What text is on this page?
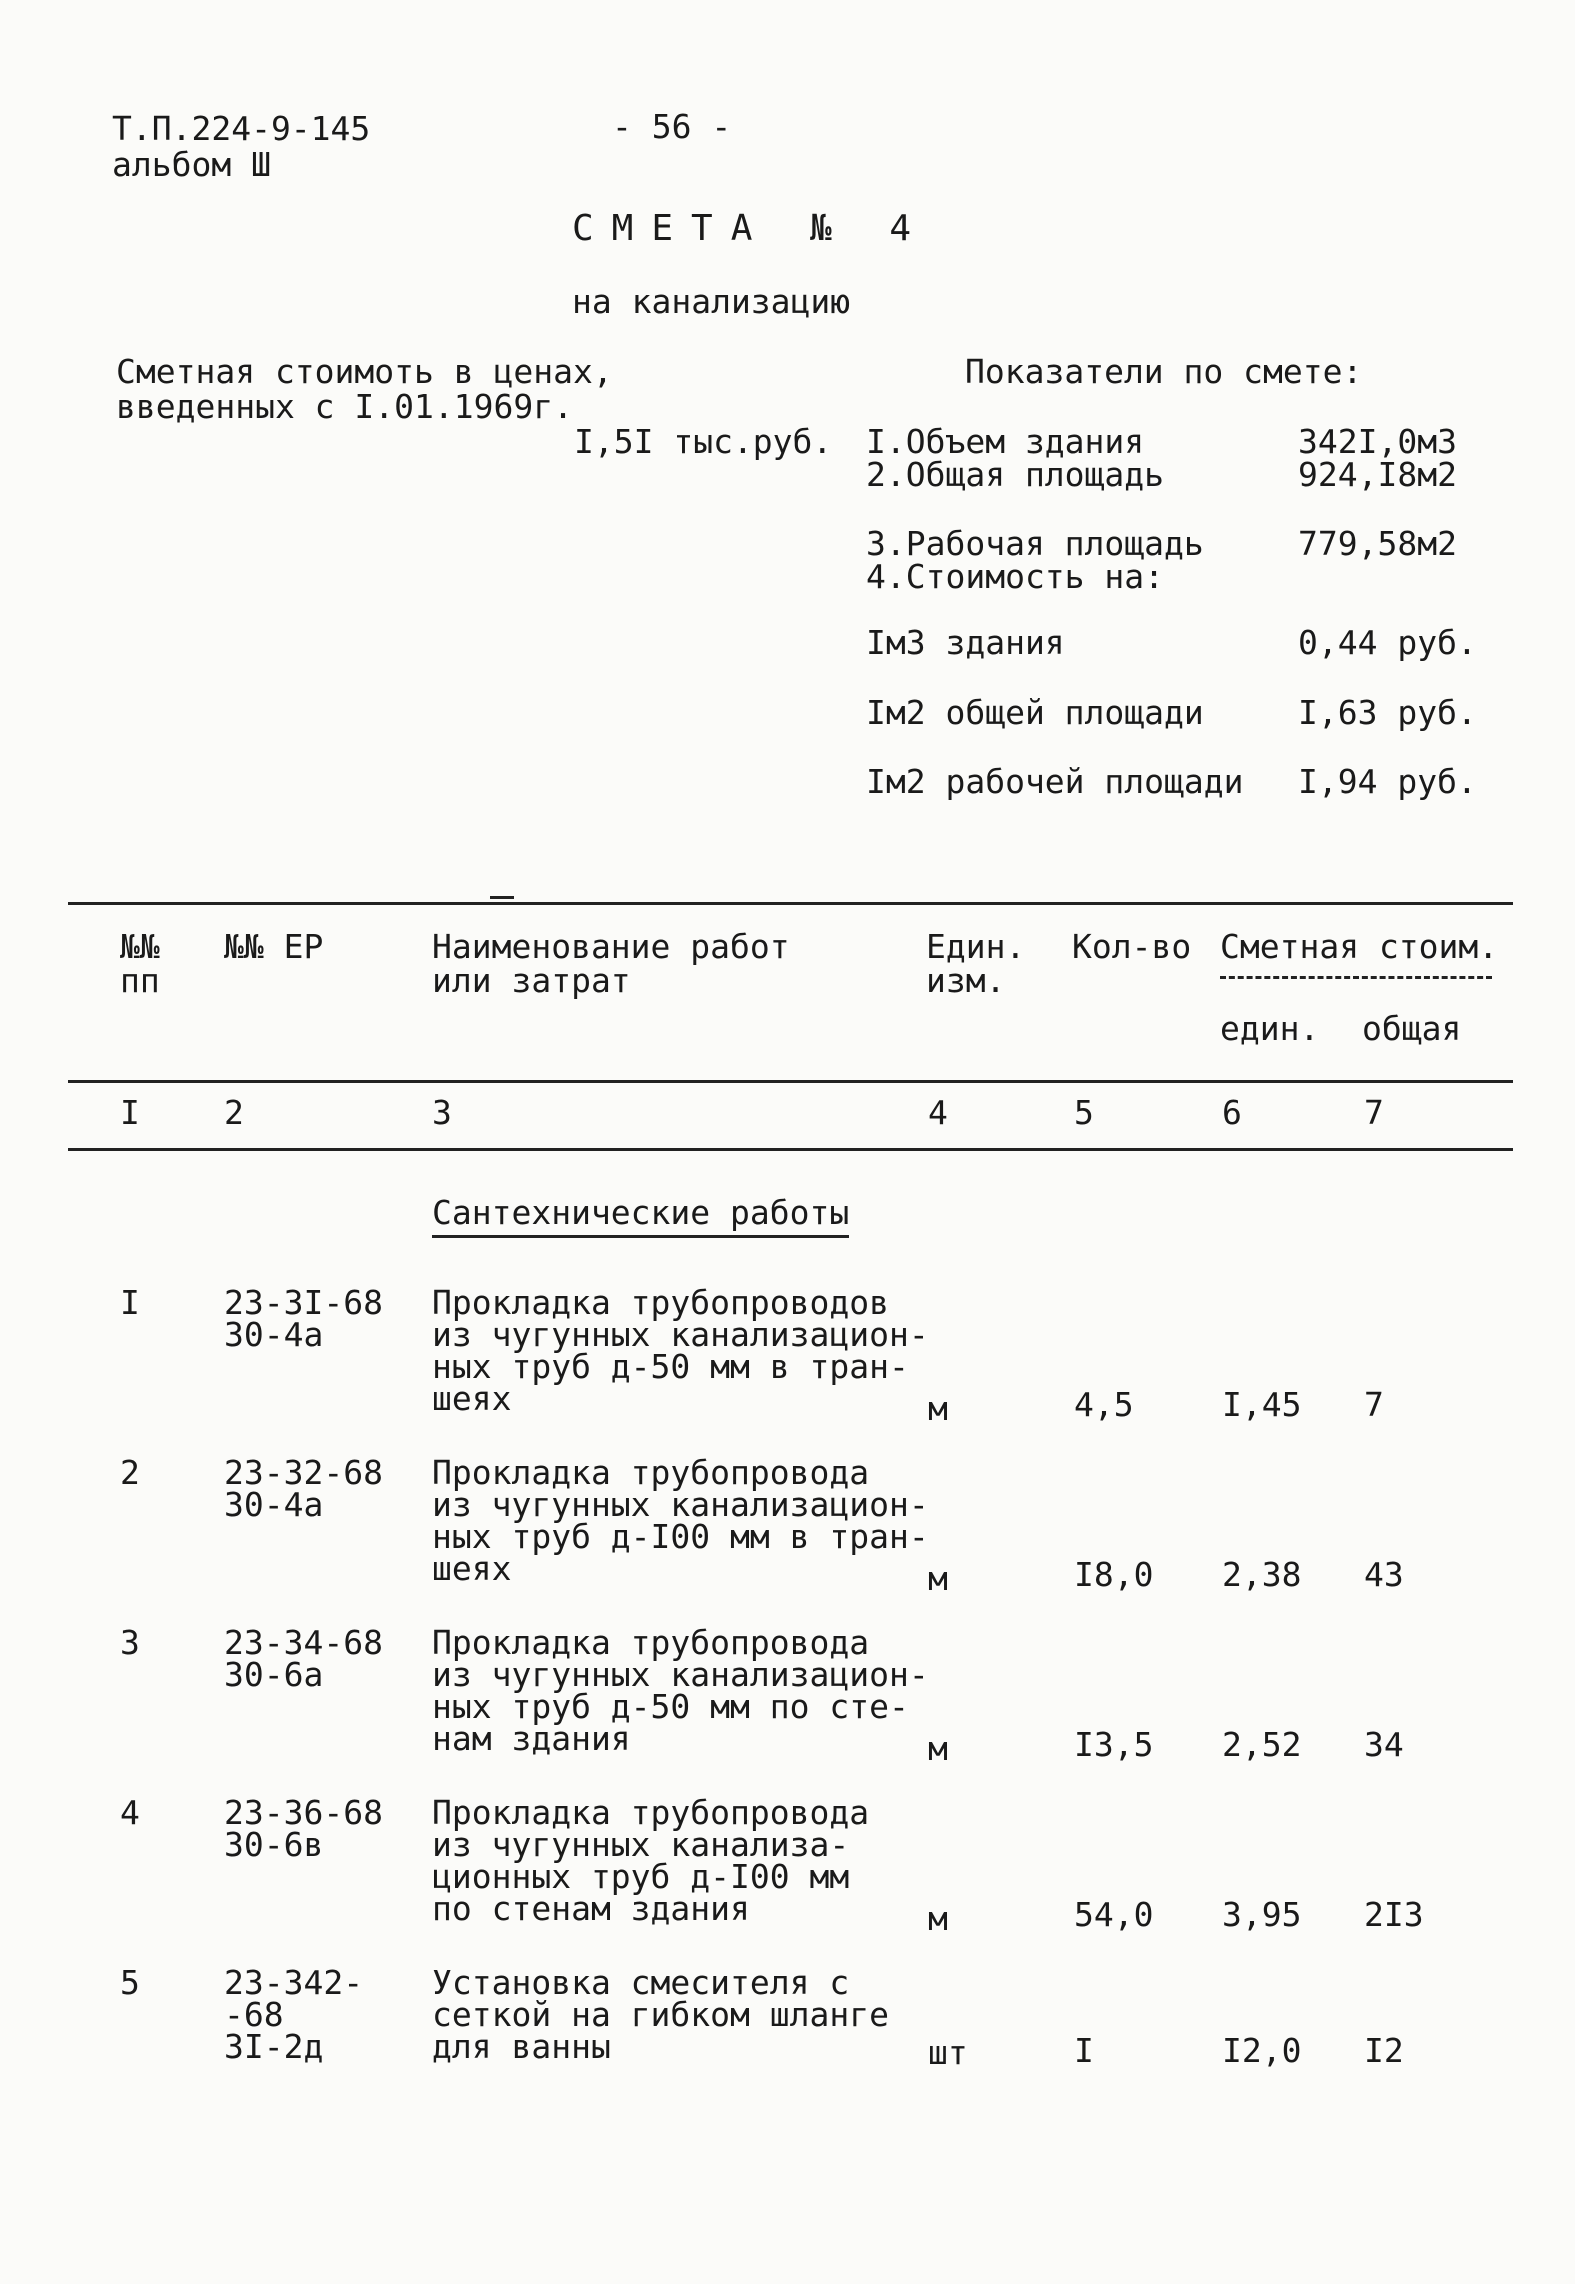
Т.П.224-9-145
альбом Ш
- 56 -
СМЕТА № 4
на канализацию
Сметная стоимоть в ценах,
введенных с I.01.1969г.
I,5I тыс.руб.
Показатели по смете:
I.Объем здания	342I,0м3
2.Общая площадь	924,I8м2
3.Рабочая площадь	779,58м2
4.Стоимость на:
Iм3 здания	0,44 руб.
Iм2 общей площади	I,63 руб.
Iм2 рабочей площади I,94 руб.
№№
пп
№№ ЕР	Наименование работ
или затрат
Един.
изм.
Кол-во Сметная стоим.
един. общая
I	2	3	4	5	6	7
Сантехнические работы
I	23-3I-68
30-4а
Прокладка трубопроводов
из чугунных канализацион-
ных труб д-50 мм в тран-
шеях	м	4,5	I,45 7
2	23-32-68
30-4а
Прокладка трубопровода
из чугунных канализацион-
ных труб д-I00 мм в тран-
шеях	м	I8,0 2,38 43
3	23-34-68
30-6а
Прокладка трубопровода
из чугунных канализацион-
ных труб д-50 мм по сте-
нам здания	м	I3,5 2,52 34
4	23-36-68
30-6в
Прокладка трубопровода
из чугунных канализа-
ционных труб д-I00 мм
по стенам здания	м	54,0 3,95 2I3
5	23-342-
-68
3I-2д
Установка смесителя с
сеткой на гибком шланге
для ванны	шт	I	I2,0 I2
